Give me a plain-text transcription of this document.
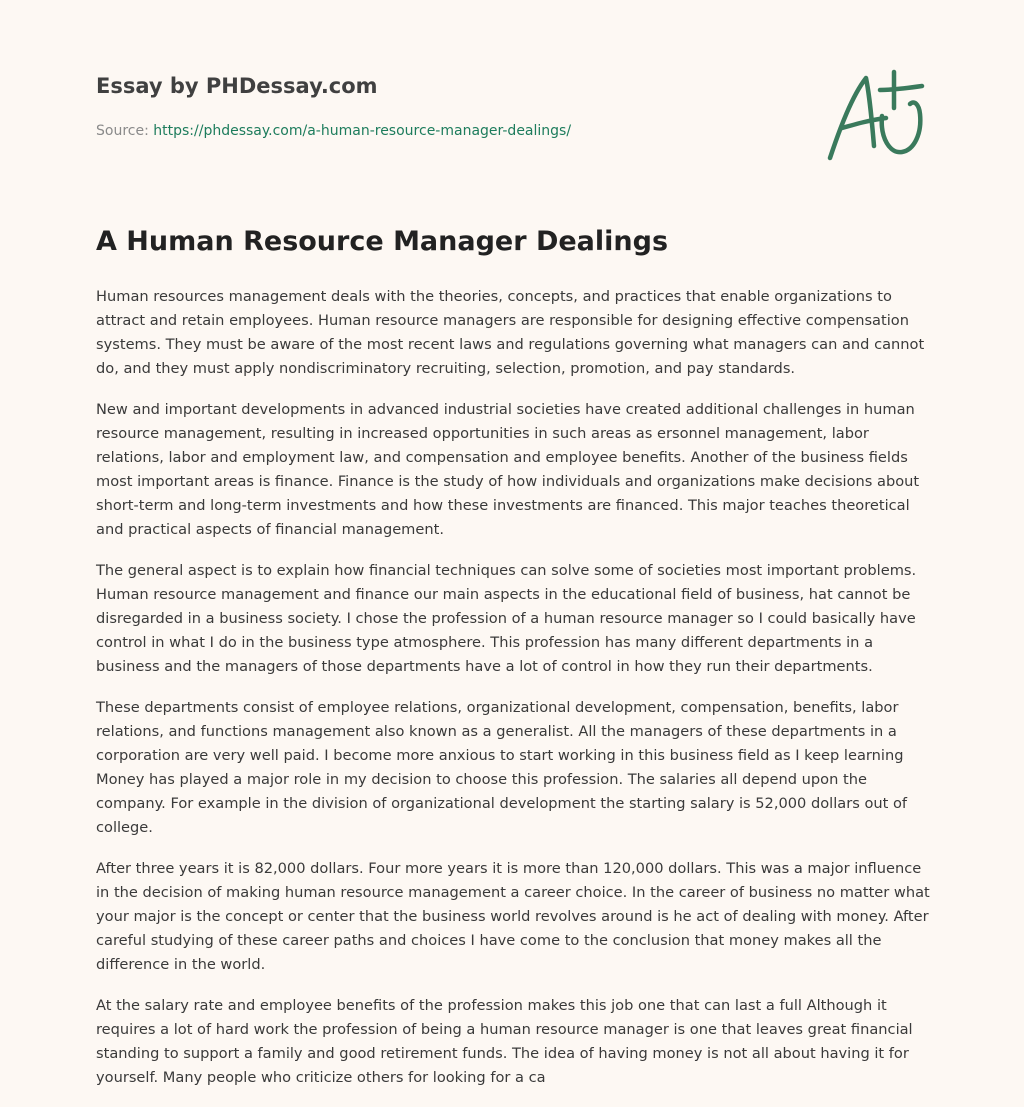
Essay by PHDessay.com
Source: https://phdessay.com/a-human-resource-manager-dealings/
A Human Resource Manager Dealings

Human resources management deals with the theories, concepts, and practices that enable organizations to attract and retain employees. Human resource managers are responsible for designing effective compensation systems. They must be aware of the most recent laws and regulations governing what managers can and cannot do, and they must apply nondiscriminatory recruiting, selection, promotion, and pay standards.

New and important developments in advanced industrial societies have created additional challenges in human resource management, resulting in increased opportunities in such areas as ersonnel management, labor relations, labor and employment law, and compensation and employee benefits. Another of the business fields most important areas is finance. Finance is the study of how individuals and organizations make decisions about short-term and long-term investments and how these investments are financed. This major teaches theoretical and practical aspects of financial management.

The general aspect is to explain how financial techniques can solve some of societies most important problems. Human resource management and finance our main aspects in the educational field of business, hat cannot be disregarded in a business society. I chose the profession of a human resource manager so I could basically have control in what I do in the business type atmosphere. This profession has many different departments in a business and the managers of those departments have a lot of control in how they run their departments.

These departments consist of employee relations, organizational development, compensation, benefits, labor relations, and functions management also known as a generalist. All the managers of these departments in a corporation are very well paid. I become more anxious to start working in this business field as I keep learning Money has played a major role in my decision to choose this profession. The salaries all depend upon the company. For example in the division of organizational development the starting salary is 52,000 dollars out of college.

After three years it is 82,000 dollars. Four more years it is more than 120,000 dollars. This was a major influence in the decision of making human resource management a career choice. In the career of business no matter what your major is the concept or center that the business world revolves around is he act of dealing with money. After careful studying of these career paths and choices I have come to the conclusion that money makes all the difference in the world.

At the salary rate and employee benefits of the profession makes this job one that can last a full Although it requires a lot of hard work the profession of being a human resource manager is one that leaves great financial standing to support a family and good retirement funds. The idea of having money is not all about having it for yourself. Many people who criticize others for looking for a ca
